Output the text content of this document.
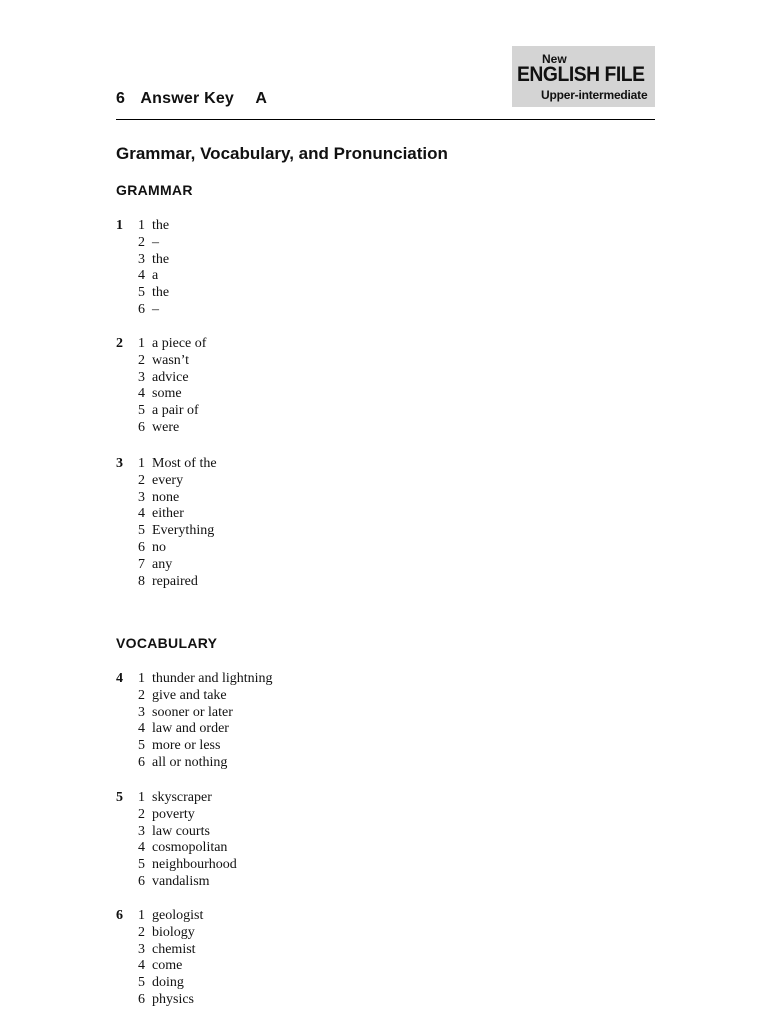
6 Answer Key A
New
ENGLISH FILE
Upper-intermediate
Grammar, Vocabulary, and Pronunciation
GRAMMAR
1 1 the
2 –
3 the
4 a
5 the
6 –
2 1 a piece of
2 wasn’t
3 advice
4 some
5 a pair of
6 were
3 1 Most of the
2 every
3 none
4 either
5 Everything
6 no
7 any
8 repaired
VOCABULARY
4 1 thunder and lightning
2 give and take
3 sooner or later
4 law and order
5 more or less
6 all or nothing
5 1 skyscraper
2 poverty
3 law courts
4 cosmopolitan
5 neighbourhood
6 vandalism
6 1 geologist
2 biology
3 chemist
4 come
5 doing
6 physics
